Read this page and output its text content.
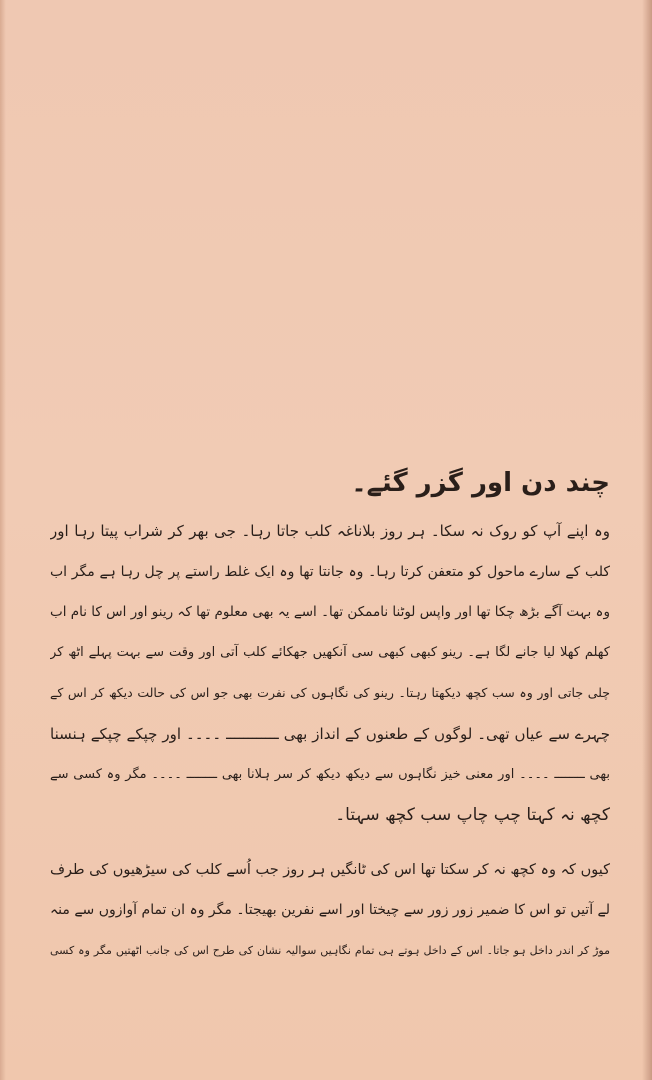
چند دن اور گزر گئے۔
وہ اپنے آپ کو روک نہ سکا۔ ہر روز بلاناغہ کلب جاتا رہا۔ جی بھر کر شراب پیتا رہا اور
کلب کے سارے ماحول کو متعفن کرتا رہا۔ وہ جانتا تھا وہ ایک غلط راستے پر چل رہا ہے مگر اب
وہ بہت آگے بڑھ چکا تھا اور واپس لوٹنا ناممکن تھا۔ اسے یہ بھی معلوم تھا کہ رینو اور اس کا نام اب
کھلم کھلا لیا جانے لگا ہے۔ رینو کبھی کبھی سی آنکھیں جھکائے کلب آتی اور وقت سے بہت پہلے اٹھ کر
چلی جاتی اور وہ سب کچھ دیکھتا رہتا۔ رینو کی نگاہوں کی نفرت بھی جو اس کی حالت دیکھ کر اس کے
چہرے سے عیاں تھی۔ لوگوں کے طعنوں کے انداز بھی ــــــــــــ ۔۔۔۔ اور چپکے چپکے ہنسنا
بھی ــــــــ ۔۔۔۔ اور معنی خیز نگاہوں سے دیکھ دیکھ کر سر ہلانا بھی ــــــــ ۔۔۔۔ مگر وہ کسی سے
کچھ نہ کہتا چپ چاپ سب کچھ سہتا۔
کیوں کہ وہ کچھ نہ کر سکتا تھا اس کی ٹانگیں ہر روز جب اُسے کلب کی سیڑھیوں کی طرف
لے آتیں تو اس کا ضمیر زور زور سے چیختا اور اسے نفرین بھیجتا۔ مگر وہ ان تمام آوازوں سے منہ
موڑ کر اندر داخل ہو جاتا۔ اس کے داخل ہوتے ہی تمام نگاہیں سوالیہ نشان کی طرح اس کی جانب اٹھتیں مگر وہ کسی
